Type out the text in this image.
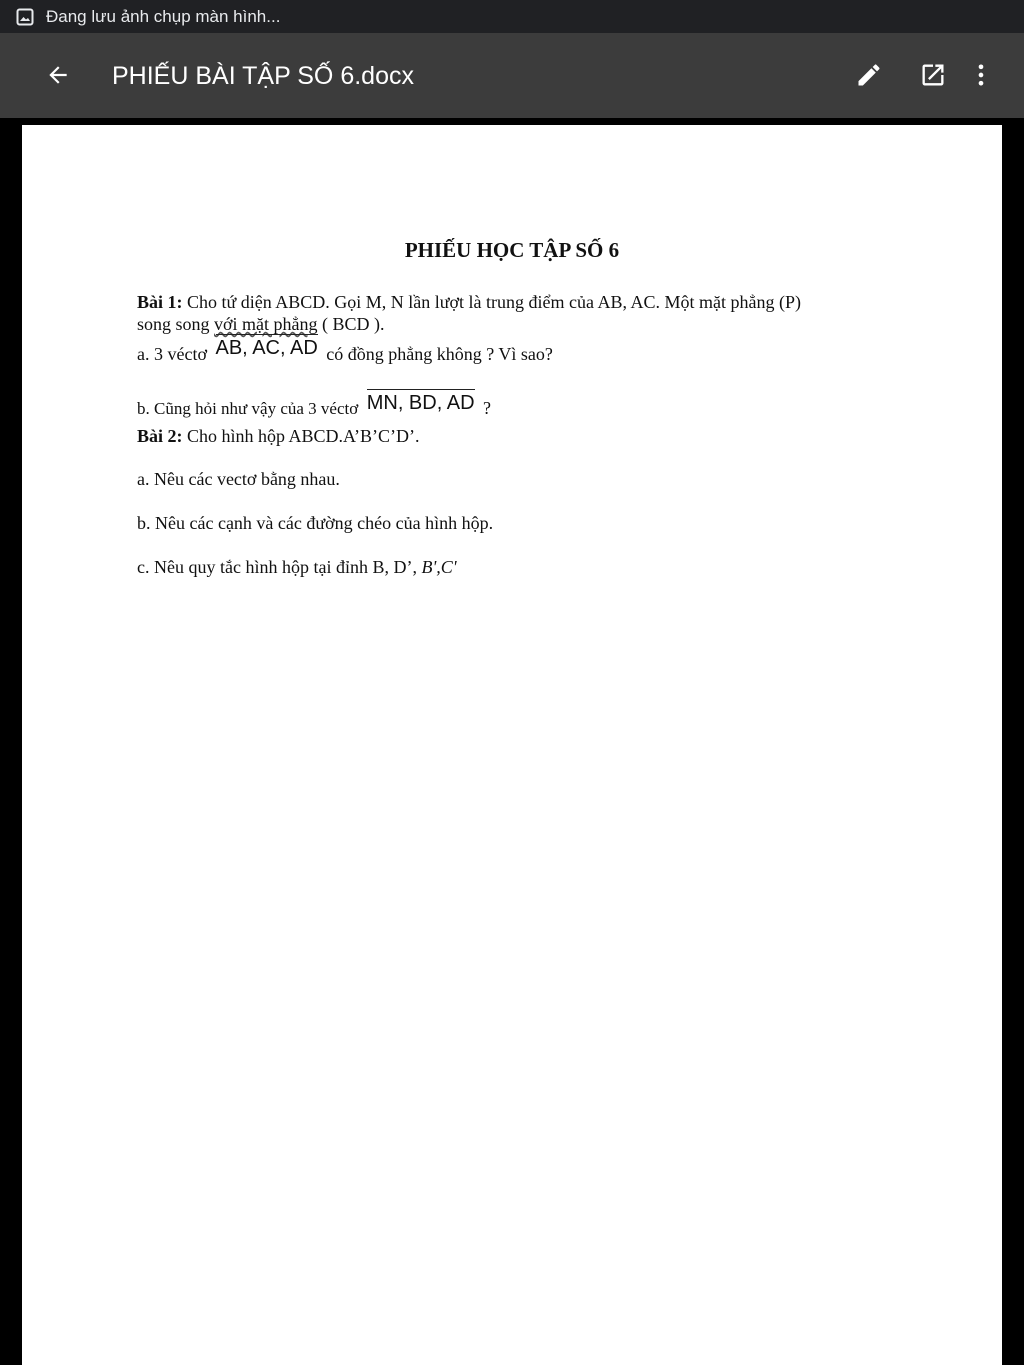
Đang lưu ảnh chụp màn hình...
PHIẾU BÀI TẬP SỐ 6.docx
PHIẾU HỌC TẬP SỐ 6
Bài 1: Cho tứ diện ABCD. Gọi M, N lần lượt là trung điểm của AB, AC. Một mặt phẳng (P)
song song với mặt phẳng ( BCD ).
a. 3 véctơ AB, AC, AD có đồng phẳng không ? Vì sao?
b. Cũng hỏi như vậy của 3 véctơ MN, BD, AD ?
Bài 2: Cho hình hộp ABCD.A’B’C’D’.
a. Nêu các vectơ bằng nhau.
b. Nêu các cạnh và các đường chéo của hình hộp.
c. Nêu quy tắc hình hộp tại đỉnh B, D’, B',C'
